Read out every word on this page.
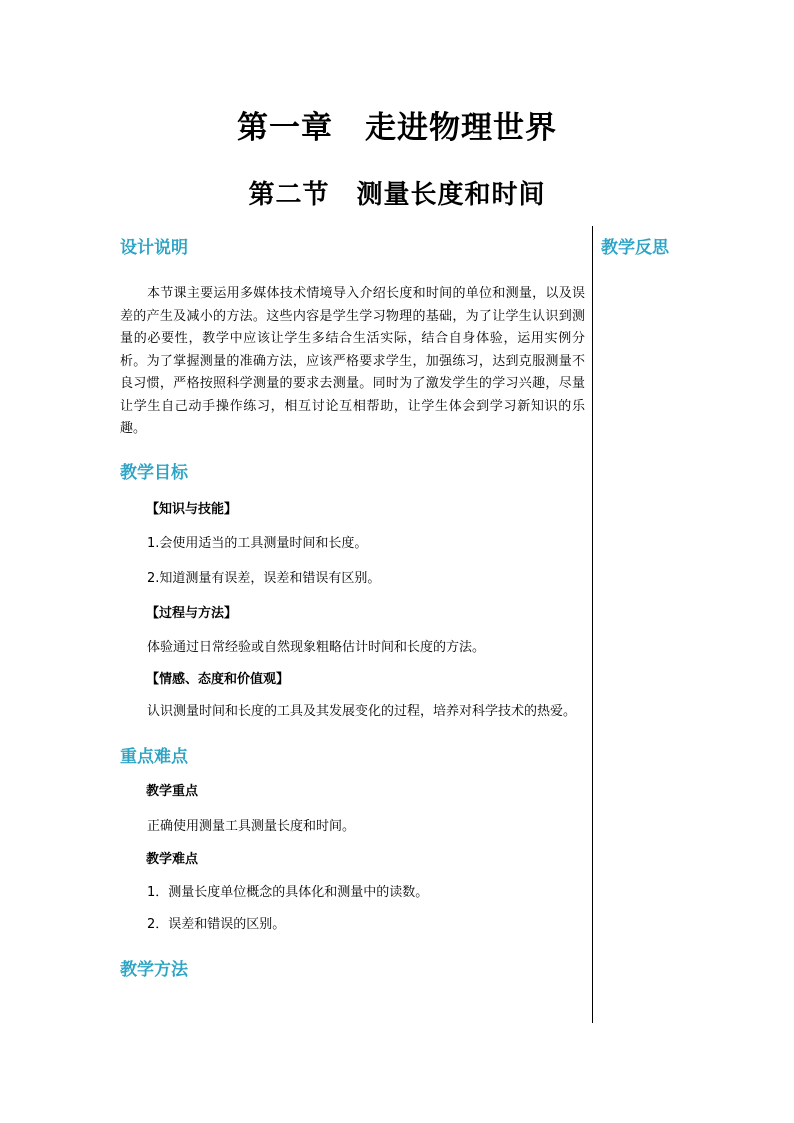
第一章　走进物理世界
第二节　测量长度和时间
设计说明

本节课主要运用多媒体技术情境导入介绍长度和时间的单位和测量，以及误差的产生及减小的方法。这些内容是学生学习物理的基础，为了让学生认识到测量的必要性，教学中应该让学生多结合生活实际，结合自身体验，运用实例分析。为了掌握测量的准确方法，应该严格要求学生，加强练习，达到克服测量不良习惯，严格按照科学测量的要求去测量。同时为了激发学生的学习兴趣，尽量让学生自己动手操作练习，相互讨论互相帮助，让学生体会到学习新知识的乐趣。

教学目标

【知识与技能】

1.会使用适当的工具测量时间和长度。

2.知道测量有误差，误差和错误有区别。

【过程与方法】

体验通过日常经验或自然现象粗略估计时间和长度的方法。

【情感、态度和价值观】

认识测量时间和长度的工具及其发展变化的过程，培养对科学技术的热爱。

重点难点

教学重点

正确使用测量工具测量长度和时间。

教学难点

1．测量长度单位概念的具体化和测量中的读数。

2．误差和错误的区别。

教学方法
教学反思
